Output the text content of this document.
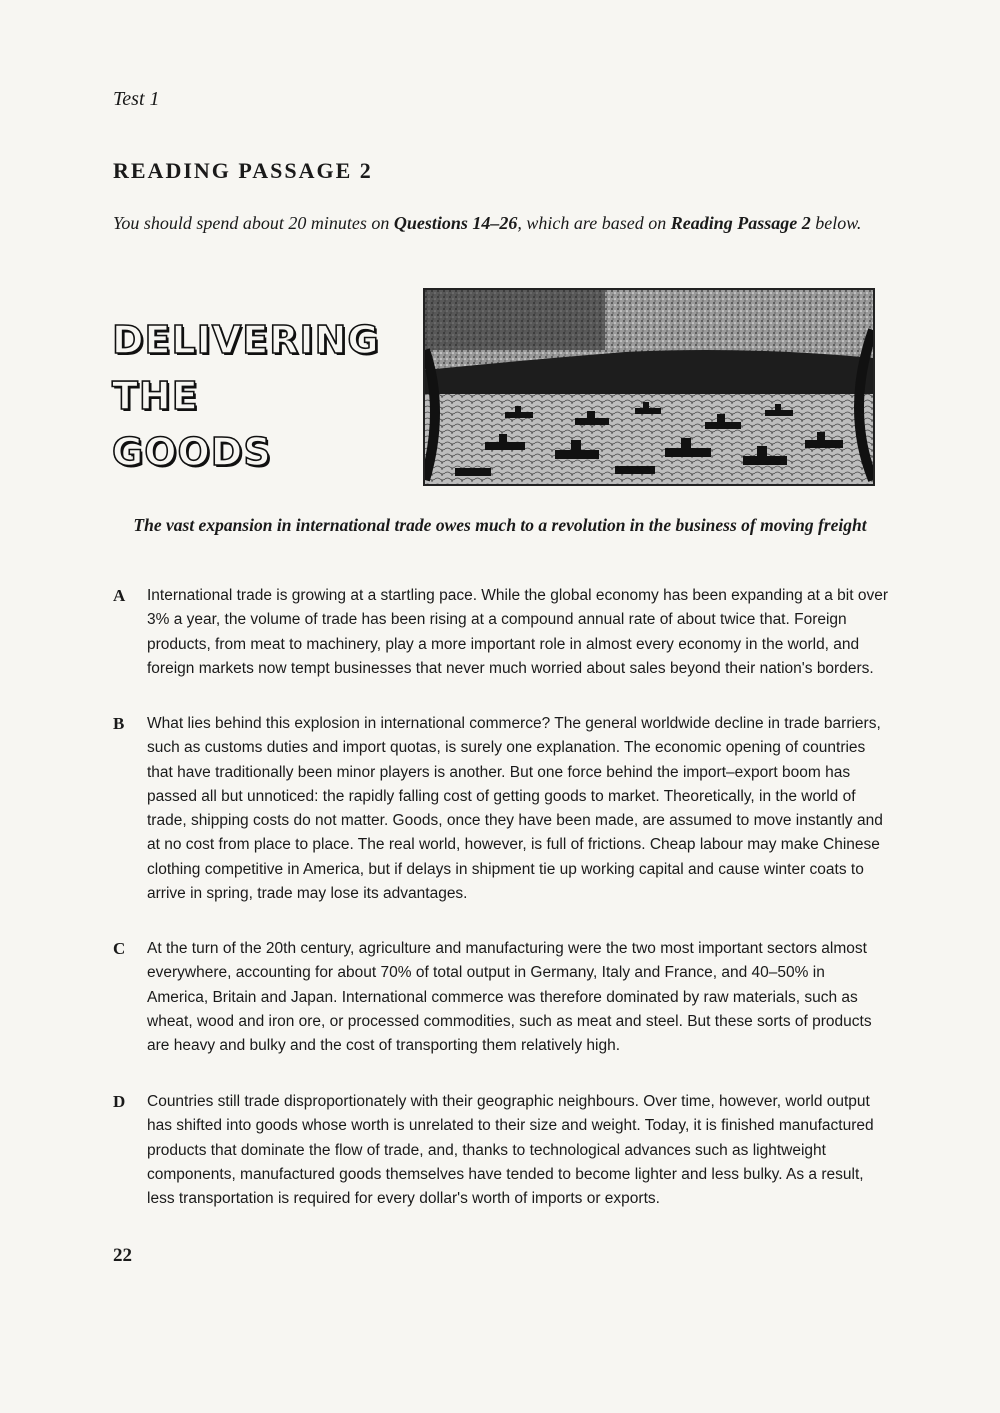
Test 1
READING PASSAGE 2
You should spend about 20 minutes on Questions 14–26, which are based on Reading Passage 2 below.
DELIVERING
THE
GOODS
The vast expansion in international trade owes much to a revolution in the business of moving freight
A International trade is growing at a startling pace. While the global economy has been expanding at a bit over 3% a year, the volume of trade has been rising at a compound annual rate of about twice that. Foreign products, from meat to machinery, play a more important role in almost every economy in the world, and foreign markets now tempt businesses that never much worried about sales beyond their nation's borders.
B What lies behind this explosion in international commerce? The general worldwide decline in trade barriers, such as customs duties and import quotas, is surely one explanation. The economic opening of countries that have traditionally been minor players is another. But one force behind the import–export boom has passed all but unnoticed: the rapidly falling cost of getting goods to market. Theoretically, in the world of trade, shipping costs do not matter. Goods, once they have been made, are assumed to move instantly and at no cost from place to place. The real world, however, is full of frictions. Cheap labour may make Chinese clothing competitive in America, but if delays in shipment tie up working capital and cause winter coats to arrive in spring, trade may lose its advantages.
C At the turn of the 20th century, agriculture and manufacturing were the two most important sectors almost everywhere, accounting for about 70% of total output in Germany, Italy and France, and 40–50% in America, Britain and Japan. International commerce was therefore dominated by raw materials, such as wheat, wood and iron ore, or processed commodities, such as meat and steel. But these sorts of products are heavy and bulky and the cost of transporting them relatively high.
D Countries still trade disproportionately with their geographic neighbours. Over time, however, world output has shifted into goods whose worth is unrelated to their size and weight. Today, it is finished manufactured products that dominate the flow of trade, and, thanks to technological advances such as lightweight components, manufactured goods themselves have tended to become lighter and less bulky. As a result, less transportation is required for every dollar's worth of imports or exports.
22
